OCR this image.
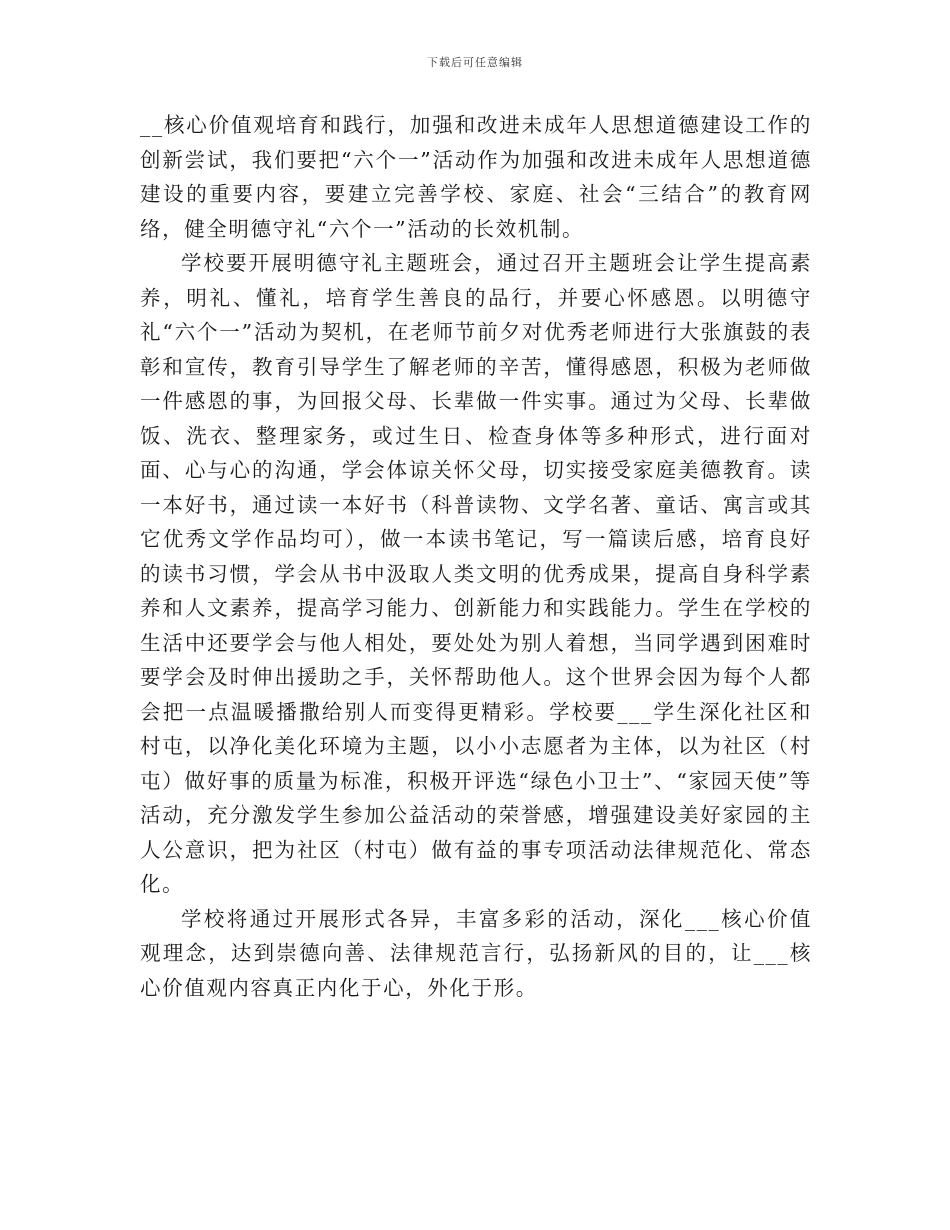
下载后可任意编辑

__核心价值观培育和践行，加强和改进未成年人思想道德建设工作的创新尝试，我们要把“六个一”活动作为加强和改进未成年人思想道德建设的重要内容，要建立完善学校、家庭、社会“三结合”的教育网络，健全明德守礼“六个一”活动的长效机制。

学校要开展明德守礼主题班会，通过召开主题班会让学生提高素养，明礼、懂礼，培育学生善良的品行，并要心怀感恩。以明德守礼“六个一”活动为契机，在老师节前夕对优秀老师进行大张旗鼓的表彰和宣传，教育引导学生了解老师的辛苦，懂得感恩，积极为老师做一件感恩的事，为回报父母、长辈做一件实事。通过为父母、长辈做饭、洗衣、整理家务，或过生日、检查身体等多种形式，进行面对面、心与心的沟通，学会体谅关怀父母，切实接受家庭美德教育。读一本好书，通过读一本好书（科普读物、文学名著、童话、寓言或其它优秀文学作品均可），做一本读书笔记，写一篇读后感，培育良好的读书习惯，学会从书中汲取人类文明的优秀成果，提高自身科学素养和人文素养，提高学习能力、创新能力和实践能力。学生在学校的生活中还要学会与他人相处，要处处为别人着想，当同学遇到困难时要学会及时伸出援助之手，关怀帮助他人。这个世界会因为每个人都会把一点温暖播撒给别人而变得更精彩。学校要___学生深化社区和村屯，以净化美化环境为主题，以小小志愿者为主体，以为社区（村屯）做好事的质量为标准，积极开评选“绿色小卫士”、“家园天使”等活动，充分激发学生参加公益活动的荣誉感，增强建设美好家园的主人公意识，把为社区（村屯）做有益的事专项活动法律规范化、常态化。

学校将通过开展形式各异，丰富多彩的活动，深化___核心价值观理念，达到崇德向善、法律规范言行，弘扬新风的目的，让___核心价值观内容真正内化于心，外化于形。
